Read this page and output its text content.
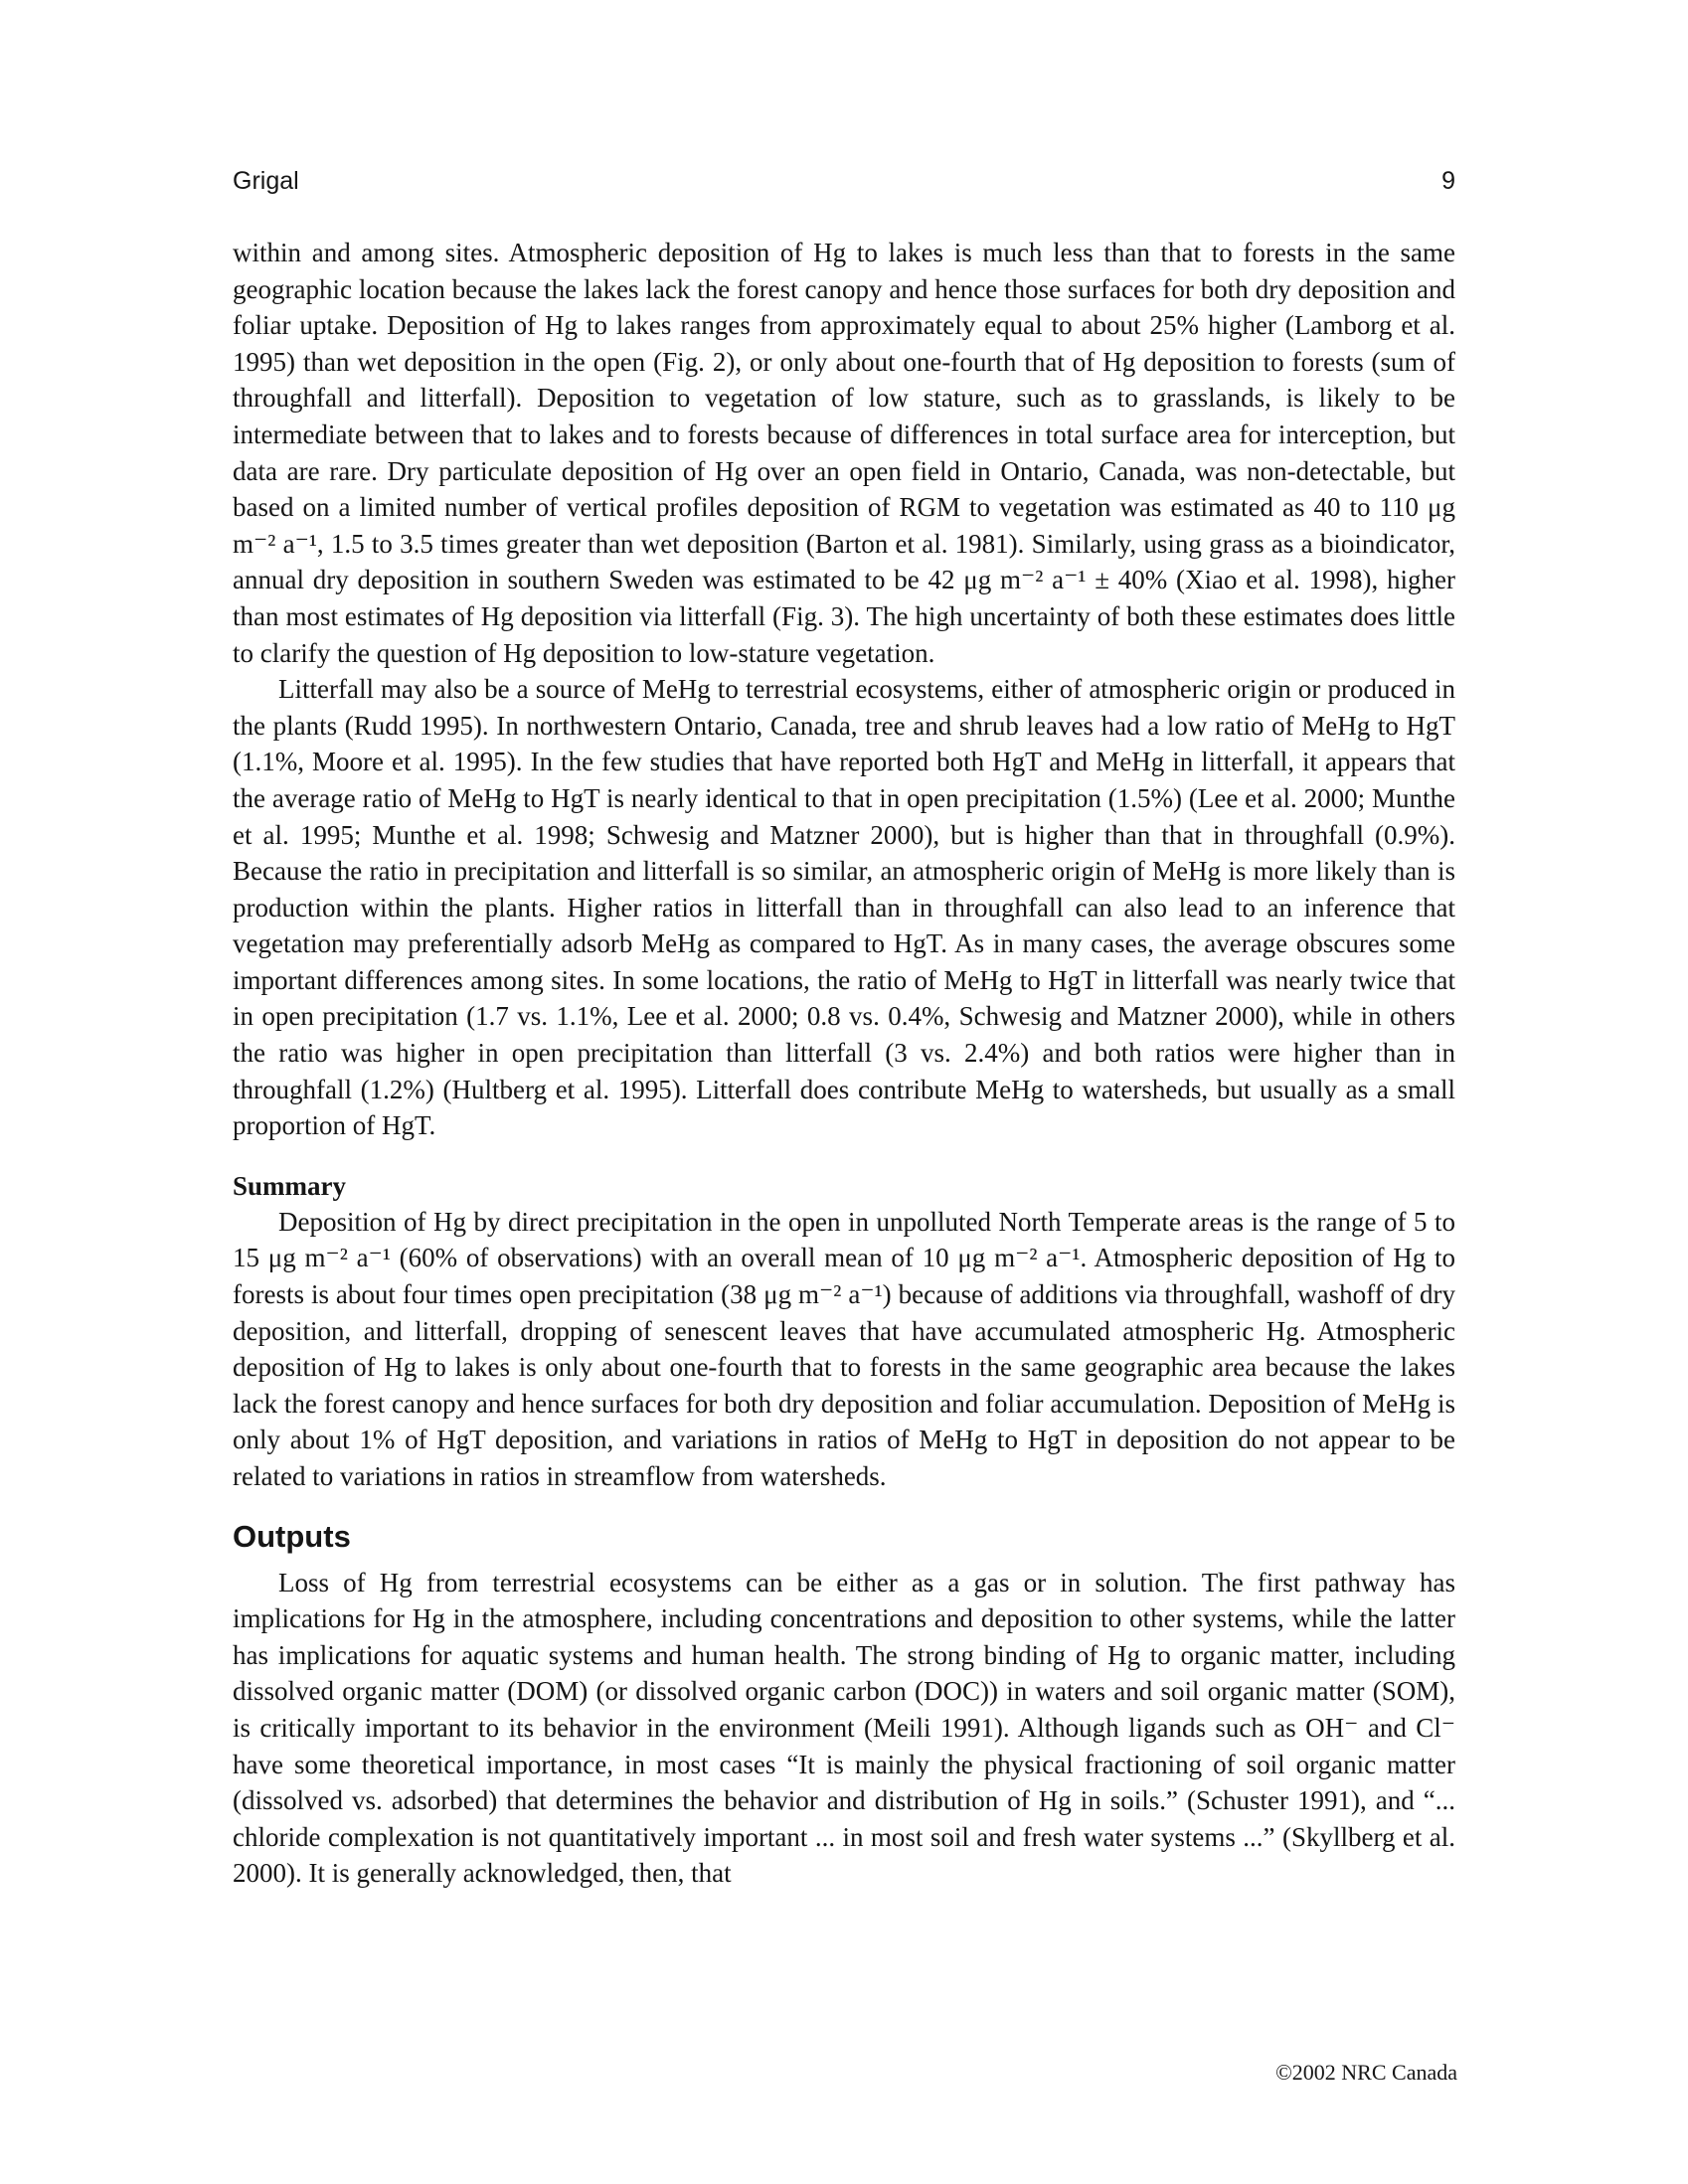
Grigal	9

within and among sites. Atmospheric deposition of Hg to lakes is much less than that to forests in the same geographic location because the lakes lack the forest canopy and hence those surfaces for both dry deposition and foliar uptake. Deposition of Hg to lakes ranges from approximately equal to about 25% higher (Lamborg et al. 1995) than wet deposition in the open (Fig. 2), or only about one-fourth that of Hg deposition to forests (sum of throughfall and litterfall). Deposition to vegetation of low stature, such as to grasslands, is likely to be intermediate between that to lakes and to forests because of differences in total surface area for interception, but data are rare. Dry particulate deposition of Hg over an open field in Ontario, Canada, was non-detectable, but based on a limited number of vertical profiles deposition of RGM to vegetation was estimated as 40 to 110 μg m⁻² a⁻¹, 1.5 to 3.5 times greater than wet deposition (Barton et al. 1981). Similarly, using grass as a bioindicator, annual dry deposition in southern Sweden was estimated to be 42 μg m⁻² a⁻¹ ± 40% (Xiao et al. 1998), higher than most estimates of Hg deposition via litterfall (Fig. 3). The high uncertainty of both these estimates does little to clarify the question of Hg deposition to low-stature vegetation.

Litterfall may also be a source of MeHg to terrestrial ecosystems, either of atmospheric origin or produced in the plants (Rudd 1995). In northwestern Ontario, Canada, tree and shrub leaves had a low ratio of MeHg to HgT (1.1%, Moore et al. 1995). In the few studies that have reported both HgT and MeHg in litterfall, it appears that the average ratio of MeHg to HgT is nearly identical to that in open precipitation (1.5%) (Lee et al. 2000; Munthe et al. 1995; Munthe et al. 1998; Schwesig and Matzner 2000), but is higher than that in throughfall (0.9%). Because the ratio in precipitation and litterfall is so similar, an atmospheric origin of MeHg is more likely than is production within the plants. Higher ratios in litterfall than in throughfall can also lead to an inference that vegetation may preferentially adsorb MeHg as compared to HgT. As in many cases, the average obscures some important differences among sites. In some locations, the ratio of MeHg to HgT in litterfall was nearly twice that in open precipitation (1.7 vs. 1.1%, Lee et al. 2000; 0.8 vs. 0.4%, Schwesig and Matzner 2000), while in others the ratio was higher in open precipitation than litterfall (3 vs. 2.4%) and both ratios were higher than in throughfall (1.2%) (Hultberg et al. 1995). Litterfall does contribute MeHg to watersheds, but usually as a small proportion of HgT.

Summary

Deposition of Hg by direct precipitation in the open in unpolluted North Temperate areas is the range of 5 to 15 μg m⁻² a⁻¹ (60% of observations) with an overall mean of 10 μg m⁻² a⁻¹. Atmospheric deposition of Hg to forests is about four times open precipitation (38 μg m⁻² a⁻¹) because of additions via throughfall, washoff of dry deposition, and litterfall, dropping of senescent leaves that have accumulated atmospheric Hg. Atmospheric deposition of Hg to lakes is only about one-fourth that to forests in the same geographic area because the lakes lack the forest canopy and hence surfaces for both dry deposition and foliar accumulation. Deposition of MeHg is only about 1% of HgT deposition, and variations in ratios of MeHg to HgT in deposition do not appear to be related to variations in ratios in streamflow from watersheds.

Outputs

Loss of Hg from terrestrial ecosystems can be either as a gas or in solution. The first pathway has implications for Hg in the atmosphere, including concentrations and deposition to other systems, while the latter has implications for aquatic systems and human health. The strong binding of Hg to organic matter, including dissolved organic matter (DOM) (or dissolved organic carbon (DOC)) in waters and soil organic matter (SOM), is critically important to its behavior in the environment (Meili 1991). Although ligands such as OH⁻ and Cl⁻ have some theoretical importance, in most cases “It is mainly the physical fractioning of soil organic matter (dissolved vs. adsorbed) that determines the behavior and distribution of Hg in soils.” (Schuster 1991), and “... chloride complexation is not quantitatively important ... in most soil and fresh water systems ...” (Skyllberg et al. 2000). It is generally acknowledged, then, that

©2002 NRC Canada
